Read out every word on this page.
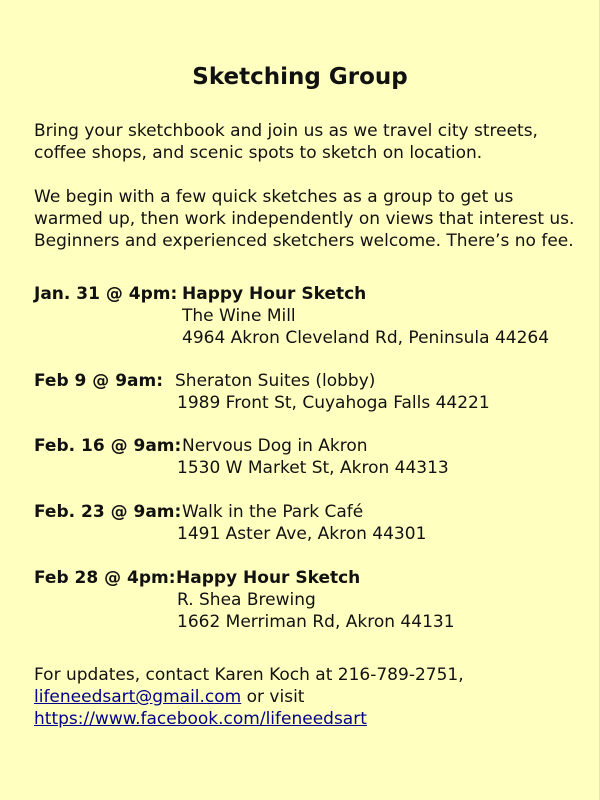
Sketching Group

Bring your sketchbook and join us as we travel city streets, coffee shops, and scenic spots to sketch on location.

We begin with a few quick sketches as a group to get us warmed up, then work independently on views that interest us. Beginners and experienced sketchers welcome. There’s no fee.

Jan. 31 @ 4pm: Happy Hour Sketch
The Wine Mill
4964 Akron Cleveland Rd, Peninsula 44264
Feb 9 @ 9am: Sheraton Suites (lobby)
1989 Front St, Cuyahoga Falls 44221
Feb. 16 @ 9am: Nervous Dog in Akron
1530 W Market St, Akron 44313
Feb. 23 @ 9am: Walk in the Park Café
1491 Aster Ave, Akron 44301
Feb 28 @ 4pm: Happy Hour Sketch
R. Shea Brewing
1662 Merriman Rd, Akron 44131
For updates, contact Karen Koch at 216-789-2751,
lifeneedsart@gmail.com or visit
https://www.facebook.com/lifeneedsart
